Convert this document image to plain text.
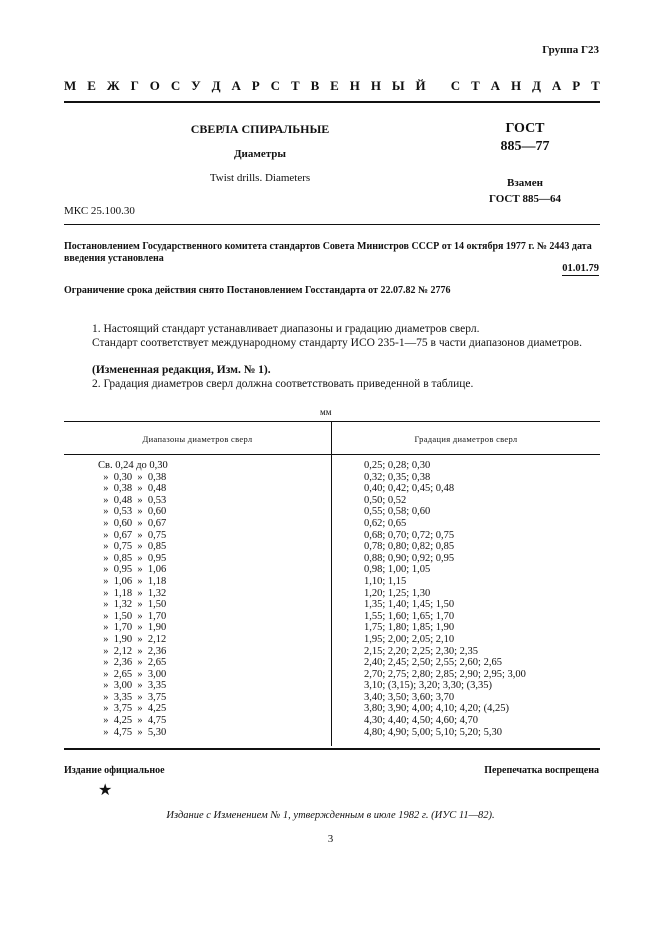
Группа Г23
М Е Ж Г О С У Д А Р С Т В Е Н Н Ы Й
С Т А Н Д А Р Т
СВЕРЛА СПИРАЛЬНЫЕ
Диаметры
Twist drills. Diameters
ГОСТ
885—77
Взамен
ГОСТ 885—64
МКС 25.100.30
Постановлением Государственного комитета стандартов Совета Министров СССР от 14 октября 1977 г. № 2443 дата введения установлена
01.01.79
Ограничение срока действия снято Постановлением Госстандарта от 22.07.82 № 2776
1. Настоящий стандарт устанавливает диапазоны и градацию диаметров сверл.
Стандарт соответствует международному стандарту ИСО 235-1—75 в части диапазонов диаметров.
(Измененная редакция, Изм. № 1).
2. Градация диаметров сверл должна соответствовать приведенной в таблице.
мм
Диапазоны диаметров сверл	Градация диаметров сверл
Св. 0,24 до 0,30
»  0,30  »  0,38
»  0,38  »  0,48
»  0,48  »  0,53
»  0,53  »  0,60
»  0,60  »  0,67
»  0,67  »  0,75
»  0,75  »  0,85
»  0,85  »  0,95
»  0,95  »  1,06
»  1,06  »  1,18
»  1,18  »  1,32
»  1,32  »  1,50
»  1,50  »  1,70
»  1,70  »  1,90
»  1,90  »  2,12
»  2,12  »  2,36
»  2,36  »  2,65
»  2,65  »  3,00
»  3,00  »  3,35
»  3,35  »  3,75
»  3,75  »  4,25
»  4,25  »  4,75
»  4,75  »  5,30
0,25; 0,28; 0,30
0,32; 0,35; 0,38
0,40; 0,42; 0,45; 0,48
0,50; 0,52
0,55; 0,58; 0,60
0,62; 0,65
0,68; 0,70; 0,72; 0,75
0,78; 0,80; 0,82; 0,85
0,88; 0,90; 0,92; 0,95
0,98; 1,00; 1,05
1,10; 1,15
1,20; 1,25; 1,30
1,35; 1,40; 1,45; 1,50
1,55; 1,60; 1,65; 1,70
1,75; 1,80; 1,85; 1,90
1,95; 2,00; 2,05; 2,10
2,15; 2,20; 2,25; 2,30; 2,35
2,40; 2,45; 2,50; 2,55; 2,60; 2,65
2,70; 2,75; 2,80; 2,85; 2,90; 2,95; 3,00
3,10; (3,15); 3,20; 3,30; (3,35)
3,40; 3,50; 3,60; 3,70
3,80; 3,90; 4,00; 4,10; 4,20; (4,25)
4,30; 4,40; 4,50; 4,60; 4,70
4,80; 4,90; 5,00; 5,10; 5,20; 5,30
Издание официальное	Перепечатка воспрещена
★
Издание с Изменением № 1, утвержденным в июле 1982 г. (ИУС 11—82).
3
